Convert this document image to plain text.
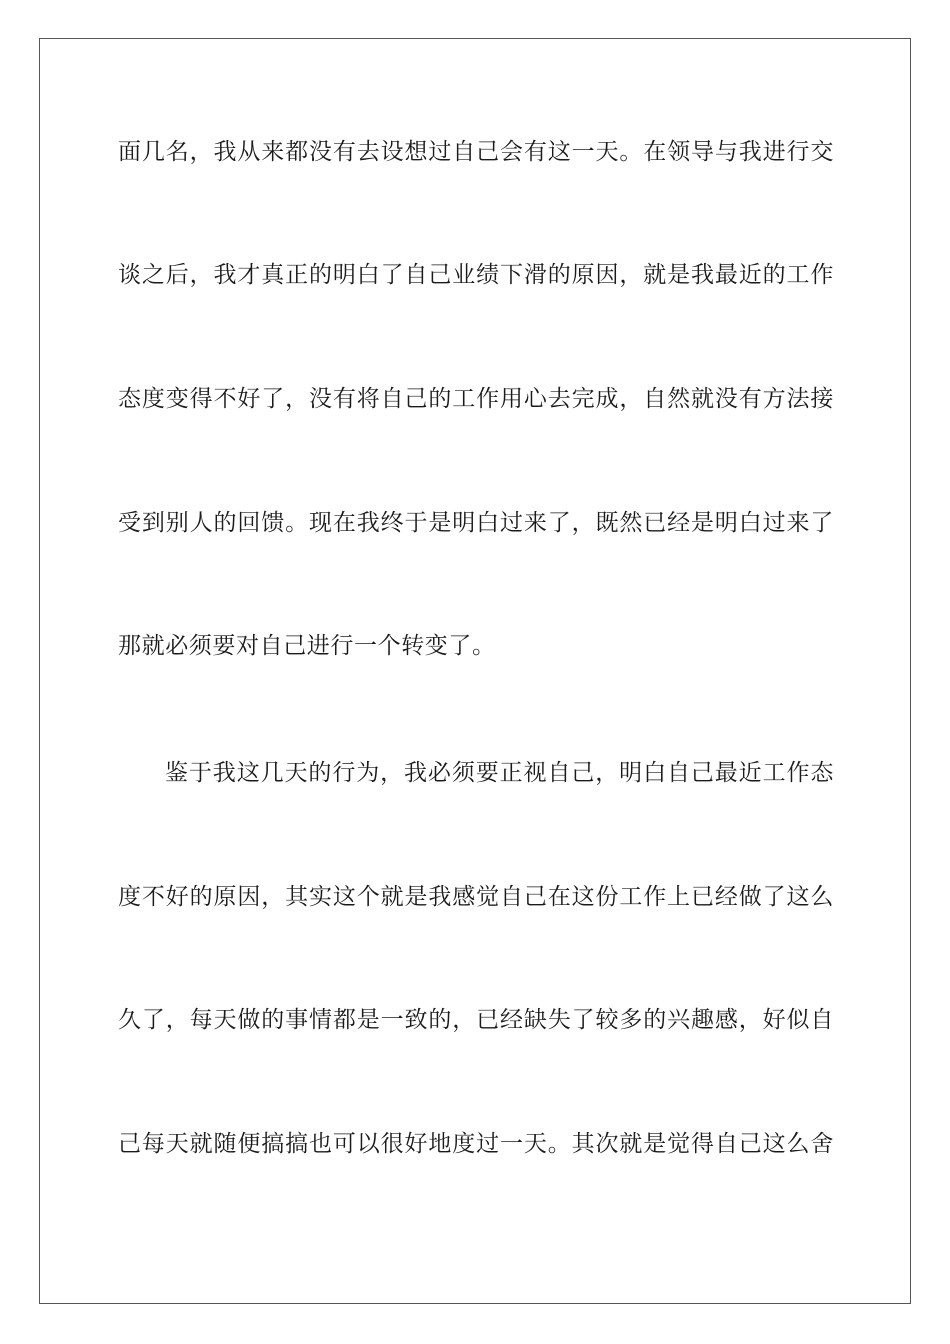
面几名，我从来都没有去设想过自己会有这一天。在领导与我进行交
谈之后，我才真正的明白了自己业绩下滑的原因，就是我最近的工作
态度变得不好了，没有将自己的工作用心去完成，自然就没有方法接
受到别人的回馈。现在我终于是明白过来了，既然已经是明白过来了
那就必须要对自己进行一个转变了。
鉴于我这几天的行为，我必须要正视自己，明白自己最近工作态
度不好的原因，其实这个就是我感觉自己在这份工作上已经做了这么
久了，每天做的事情都是一致的，已经缺失了较多的兴趣感，好似自
己每天就随便搞搞也可以很好地度过一天。其次就是觉得自己这么舍
